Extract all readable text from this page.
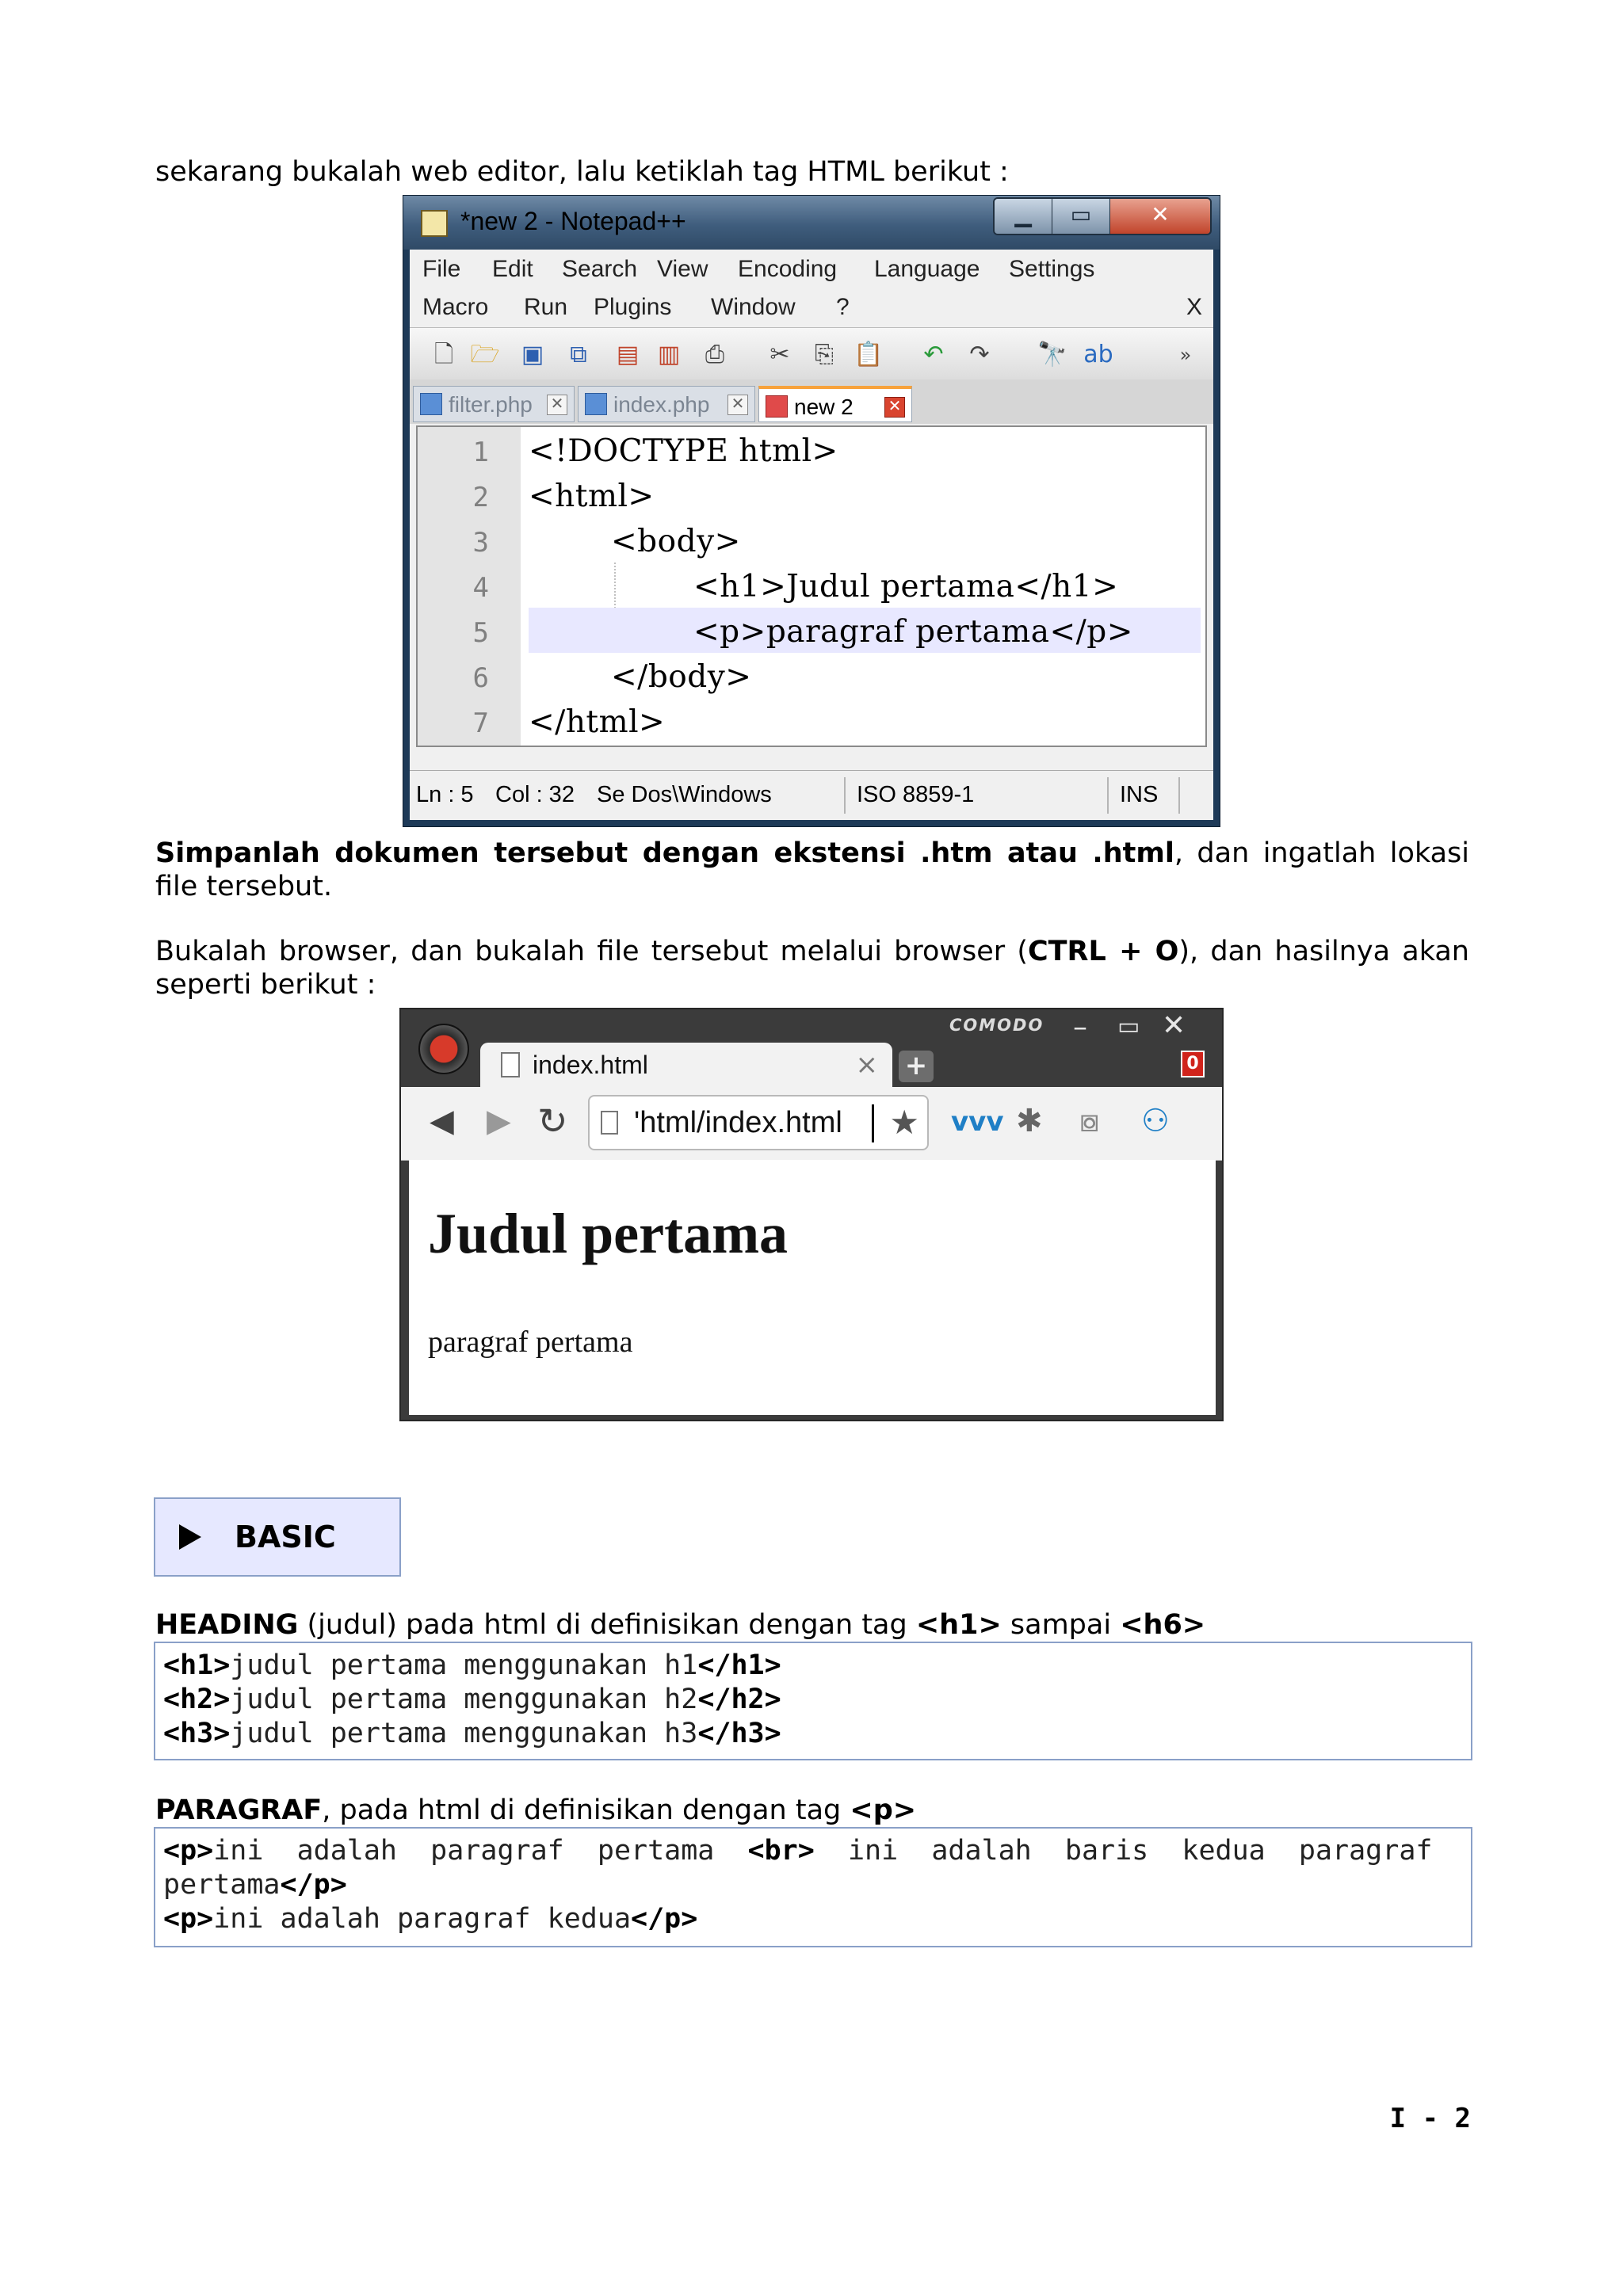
sekarang bukalah web editor, lalu ketiklah tag HTML berikut :
*new 2 - Notepad++	▁	▭	✕
File Edit Search View Encoding Language Settings
Macro Run Plugins Window ?	X
🗋 🗁 ▣ ⧉ ▤ ▥ ⎙ ✂ ⎘ 📋 ↶ ↷ 🔭 ab	»
filter.php ✕	index.php ✕	new 2 ✕
1 <!DOCTYPE html>
2 <html>
3	<body>
4	<h1>Judul pertama</h1>
5	<p>paragraf pertama</p>
6	</body>
7 </html>
Ln : 5 Col : 32 Se Dos\Windows	ISO 8859-1	INS
Simpanlah dokumen tersebut dengan ekstensi .htm atau .html, dan ingatlah lokasi file tersebut.
Bukalah browser, dan bukalah file tersebut melalui browser (CTRL + O), dan hasilnya akan seperti berikut :
index.html	× +
COMODO – ▭ ✕
◀ ▶ ↻ 'html/index.html ★ vvv ✱ ⧇ ⚇
0
Judul pertama

paragraf pertama

BASIC
HEADING (judul) pada html di definisikan dengan tag <h1> sampai <h6>
<h1>judul pertama menggunakan h1</h1>
<h2>judul pertama menggunakan h2</h2>
<h3>judul pertama menggunakan h3</h3>
PARAGRAF, pada html di definisikan dengan tag <p>
<p>ini  adalah  paragraf  pertama  <br>  ini  adalah  baris  kedua  paragraf
pertama</p>
<p>ini adalah paragraf kedua</p>
I - 2
